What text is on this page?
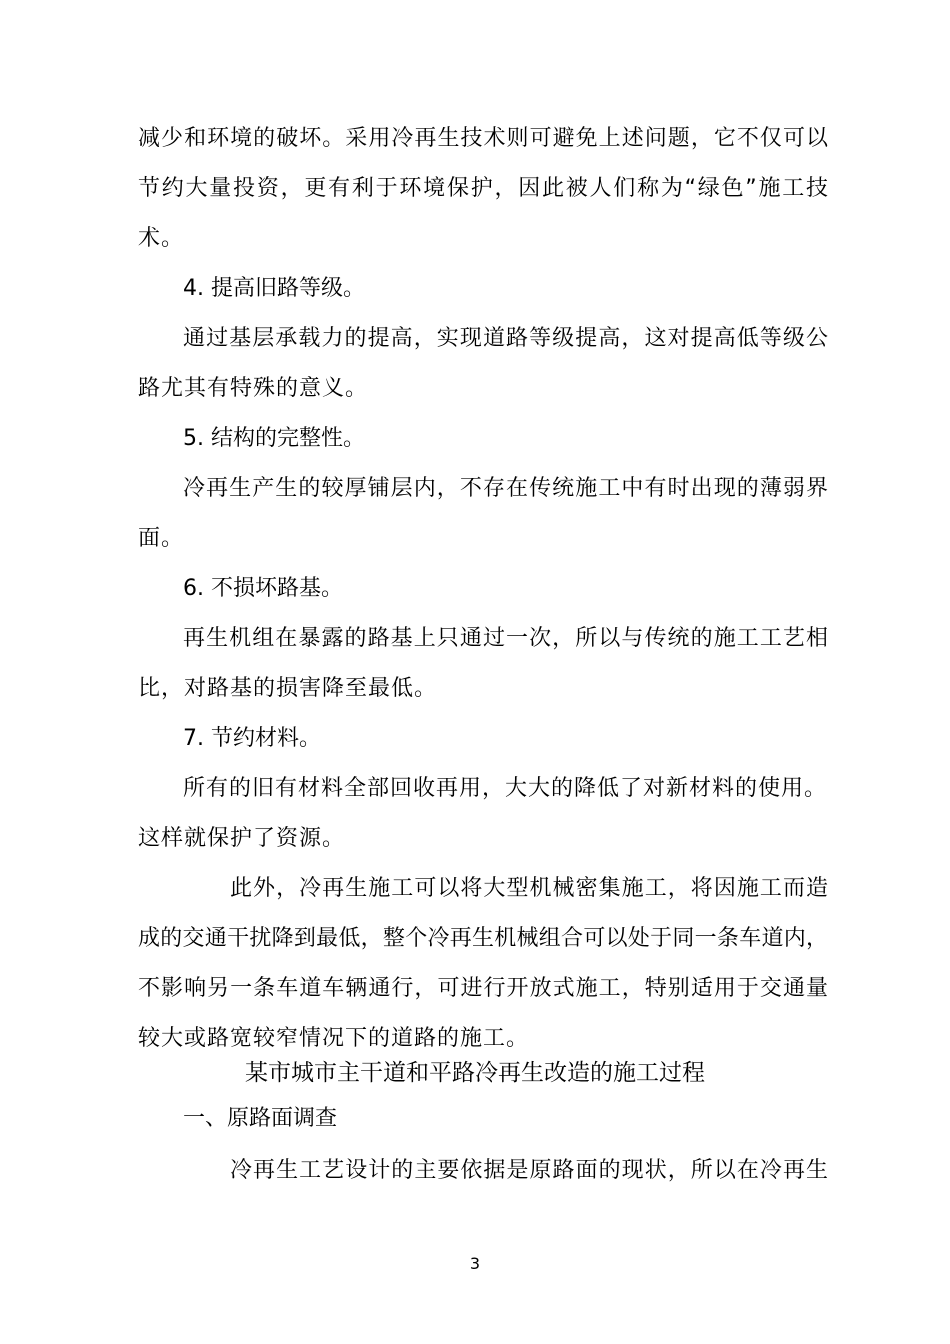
减少和环境的破坏。采用冷再生技术则可避免上述问题，它不仅可以
节约大量投资，更有利于环境保护，因此被人们称为“绿色”施工技
术。
4. 提高旧路等级。
通过基层承载力的提高，实现道路等级提高，这对提高低等级公
路尤其有特殊的意义。
5. 结构的完整性。
冷再生产生的较厚铺层内，不存在传统施工中有时出现的薄弱界
面。
6. 不损坏路基。
再生机组在暴露的路基上只通过一次，所以与传统的施工工艺相
比，对路基的损害降至最低。
7. 节约材料。
所有的旧有材料全部回收再用，大大的降低了对新材料的使用。
这样就保护了资源。
此外，冷再生施工可以将大型机械密集施工，将因施工而造
成的交通干扰降到最低，整个冷再生机械组合可以处于同一条车道内，
不影响另一条车道车辆通行，可进行开放式施工，特别适用于交通量
较大或路宽较窄情况下的道路的施工。
某市城市主干道和平路冷再生改造的施工过程
一、原路面调查
冷再生工艺设计的主要依据是原路面的现状，所以在冷再生
3
